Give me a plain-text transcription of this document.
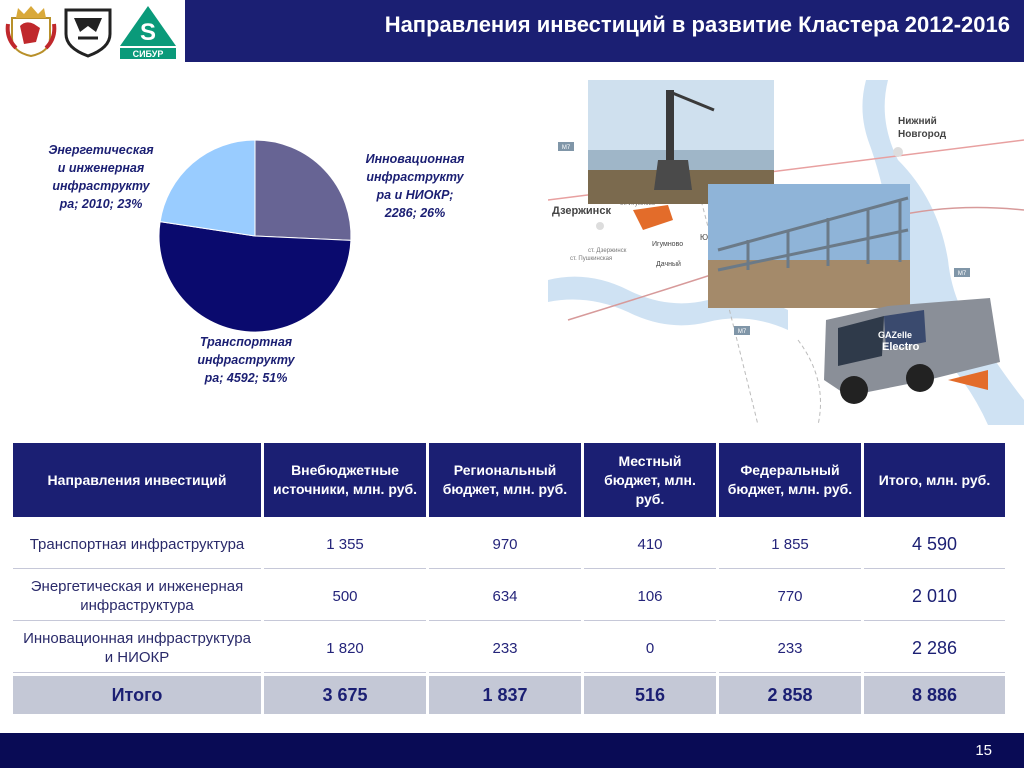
S
СИБУР
Направления инвестиций в развитие Кластера 2012-2016
Инновационная
инфраструкту
ра и НИОКР;
2286; 26%
Транспортная
инфраструкту
ра; 4592; 51%
Энергетическая
и инженерная
инфраструкту
ра; 2010; 23%
Нижний
Новгород
Дзержинск
Игумново
Дачный
ст. Дзержинск
ст. Пушкинская
М7
М7
М7
Ю
GAZelle
Electro
Направления инвестиций	Внебюджетные источники, млн. руб.	Региональный бюджет, млн. руб.	Местный бюджет, млн. руб.	Федеральный бюджет, млн. руб.	Итого, млн. руб.
Транспортная инфраструктура	1 355	970	410	1 855	4 590
Энергетическая и инженерная инфраструктура	500	634	106	770	2 010
Инновационная инфраструктура и НИОКР	1 820	233	0	233	2 286
Итого	3 675	1 837	516	2 858	8 886
15
